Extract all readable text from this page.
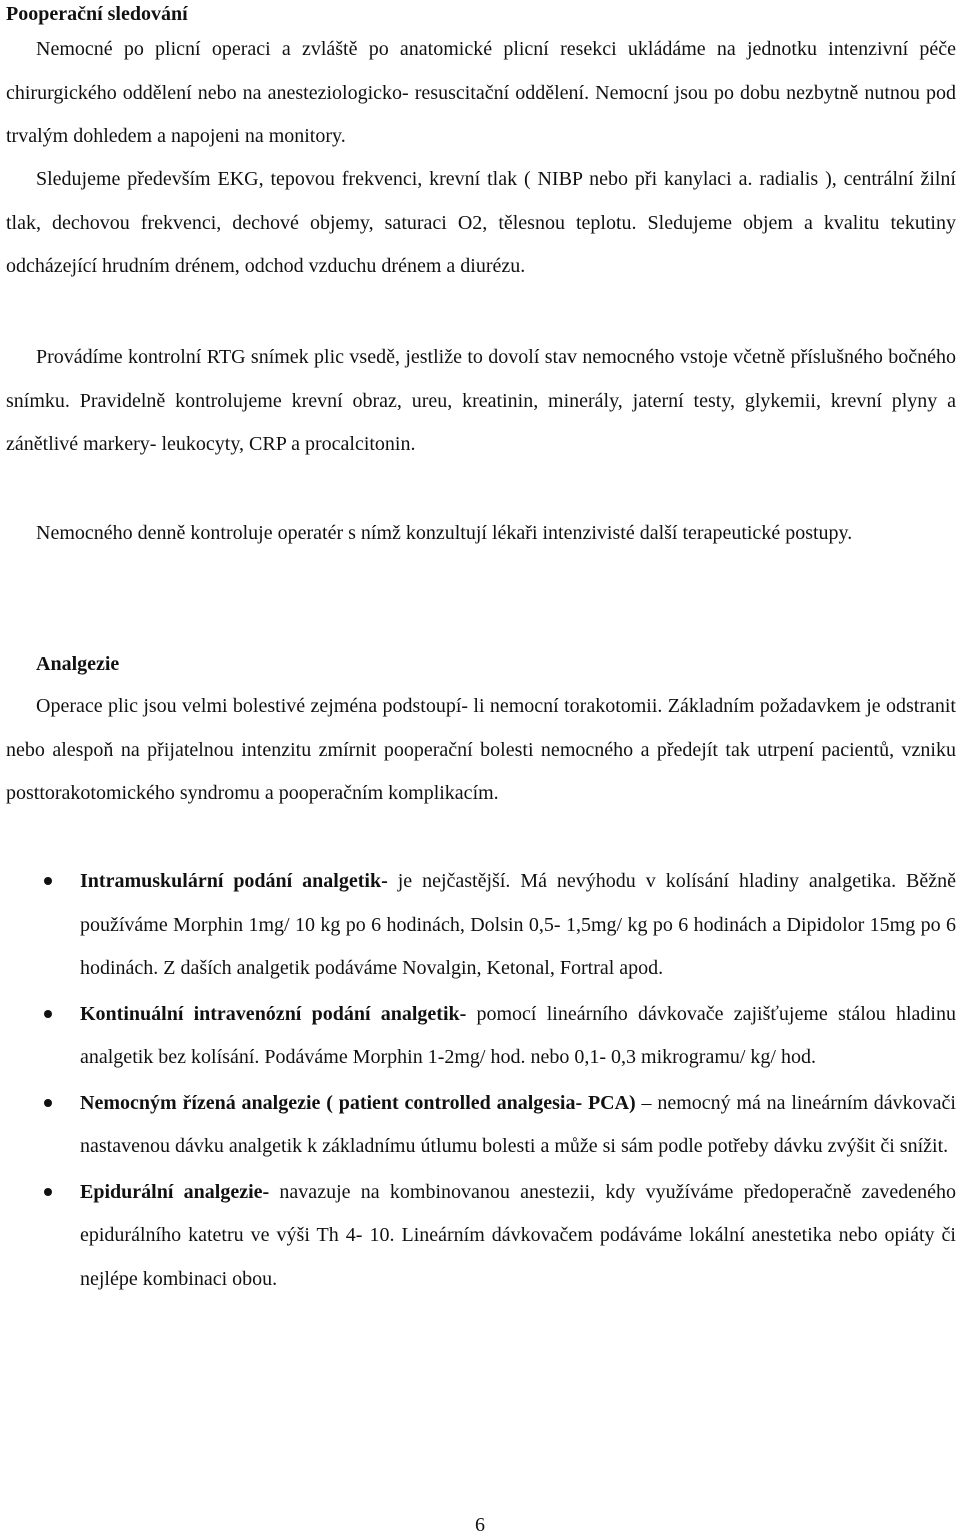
Pooperační sledování

Nemocné po plicní operaci a zvláště po anatomické plicní resekci ukládáme na jednotku intenzivní péče chirurgického oddělení nebo na anesteziologicko- resuscitační oddělení. Nemocní jsou po dobu nezbytně nutnou pod trvalým dohledem a napojeni na monitory.

Sledujeme především EKG, tepovou frekvenci, krevní tlak ( NIBP nebo při kanylaci a. radialis ), centrální žilní tlak, dechovou frekvenci, dechové objemy, saturaci O2, tělesnou teplotu. Sledujeme objem a kvalitu tekutiny odcházející hrudním drénem, odchod vzduchu drénem a diurézu.

Provádíme kontrolní RTG snímek plic vsedě, jestliže to dovolí stav nemocného vstoje včetně příslušného bočného snímku. Pravidelně kontrolujeme krevní obraz, ureu, kreatinin, minerály, jaterní testy, glykemii, krevní plyny a zánětlivé markery- leukocyty, CRP a procalcitonin.

Nemocného denně kontroluje operatér s nímž konzultují lékaři intenzivisté další terapeutické postupy.

Analgezie

Operace plic jsou velmi bolestivé zejména podstoupí- li nemocní torakotomii. Základním požadavkem je odstranit nebo alespoň na přijatelnou intenzitu zmírnit pooperační bolesti nemocného a předejít tak utrpení pacientů, vzniku posttorakotomického syndromu a pooperačním komplikacím.

Intramuskulární podání analgetik- je nejčastější. Má nevýhodu v kolísání hladiny analgetika. Běžně používáme Morphin 1mg/ 10 kg po 6 hodinách, Dolsin 0,5- 1,5mg/ kg po 6 hodinách a Dipidolor 15mg po 6 hodinách. Z daších analgetik podáváme Novalgin, Ketonal, Fortral apod.
Kontinuální intravenózní podání analgetik- pomocí lineárního dávkovače zajišťujeme stálou hladinu analgetik bez kolísání. Podáváme Morphin 1-2mg/ hod. nebo 0,1- 0,3 mikrogramu/ kg/ hod.
Nemocným řízená analgezie ( patient controlled analgesia- PCA) – nemocný má na lineárním dávkovači nastavenou dávku analgetik k základnímu útlumu bolesti a může si sám podle potřeby dávku zvýšit či snížit.
Epidurální analgezie- navazuje na kombinovanou anestezii, kdy využíváme předoperačně zavedeného epidurálního katetru ve výši Th 4- 10. Lineárním dávkovačem podáváme lokální anestetika nebo opiáty či nejlépe kombinaci obou.
6
